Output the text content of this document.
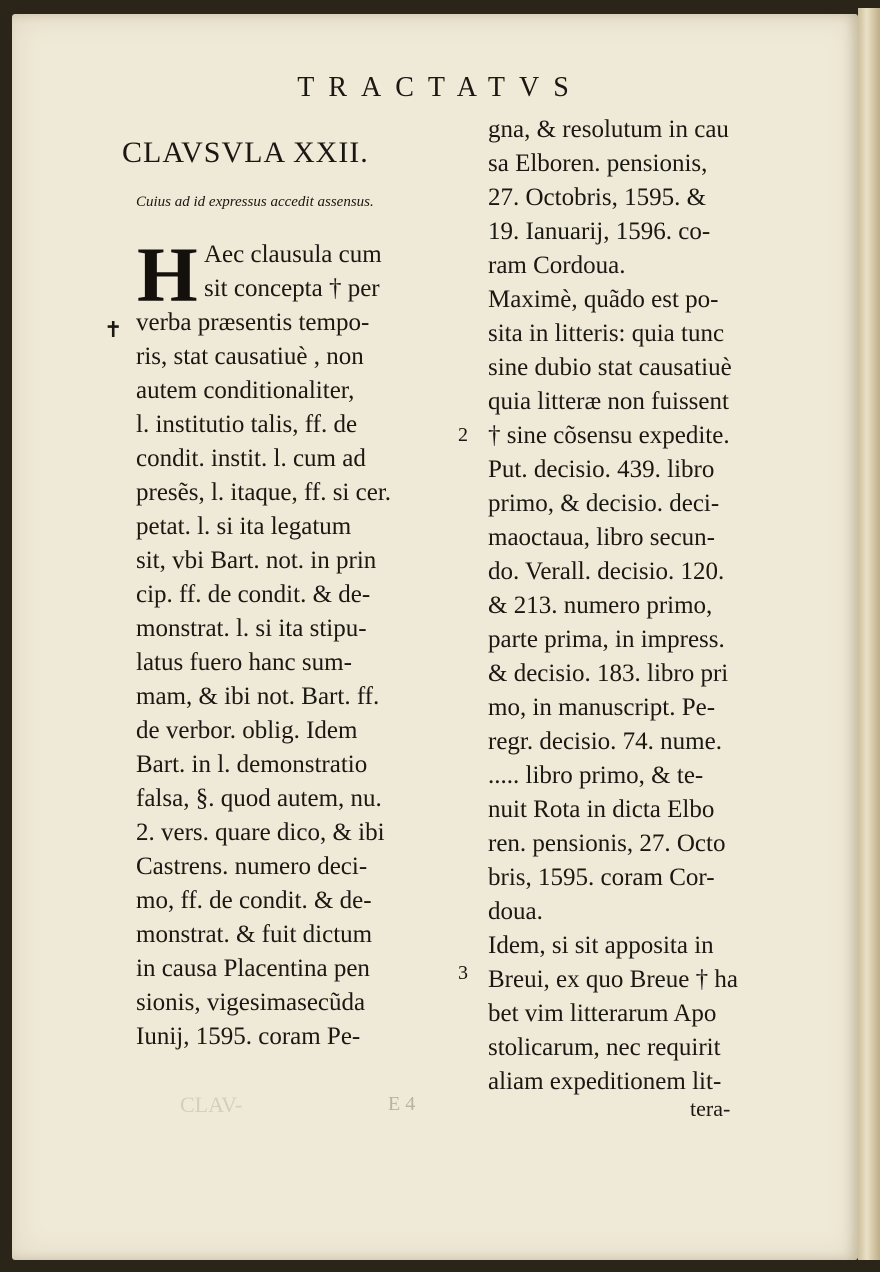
TRACTATVS
CLAVSVLA XXII.
Cuius ad id expressus accedit assensus.
H Aec clausula cum
sit concepta † per
verba præsentis tempo-
ris, stat causatiuè , non
autem conditionaliter,
l. institutio talis, ff. de
condit. instit. l. cum ad
presẽs, l. itaque, ff. si cer.
petat. l. si ita legatum
sit, vbi Bart. not. in prin
cip. ff. de condit. & de-
monstrat. l. si ita stipu-
latus fuero hanc sum-
mam, & ibi not. Bart. ff.
de verbor. oblig. Idem
Bart. in l. demonstratio
falsa, §. quod autem, nu.
2. vers. quare dico, & ibi
Castrens. numero deci-
mo, ff. de condit. & de-
monstrat. & fuit dictum
in causa Placentina pen
sionis, vigesimasecũda
Iunij, 1595. coram Pe-
gna, & resolutum in cau
sa Elboren. pensionis,
27. Octobris, 1595. &
19. Ianuarij, 1596. co-
ram Cordoua.
Maximè, quãdo est po-
sita in litteris: quia tunc
sine dubio stat causatiuè
quia litteræ non fuissent
† sine cõsensu expedite.
Put. decisio. 439. libro
primo, & decisio. deci-
maoctaua, libro secun-
do. Verall. decisio. 120.
& 213. numero primo,
parte prima, in impress.
& decisio. 183. libro pri
mo, in manuscript. Pe-
regr. decisio. 74. nume.
..... libro primo, & te-
nuit Rota in dicta Elbo
ren. pensionis, 27. Octo
bris, 1595. coram Cor-
doua.
Idem, si sit apposita in
Breui, ex quo Breue † ha
bet vim litterarum Apo
stolicarum, nec requirit
aliam expeditionem lit-
2
3
✝
tera-
E 4
CLAV-
